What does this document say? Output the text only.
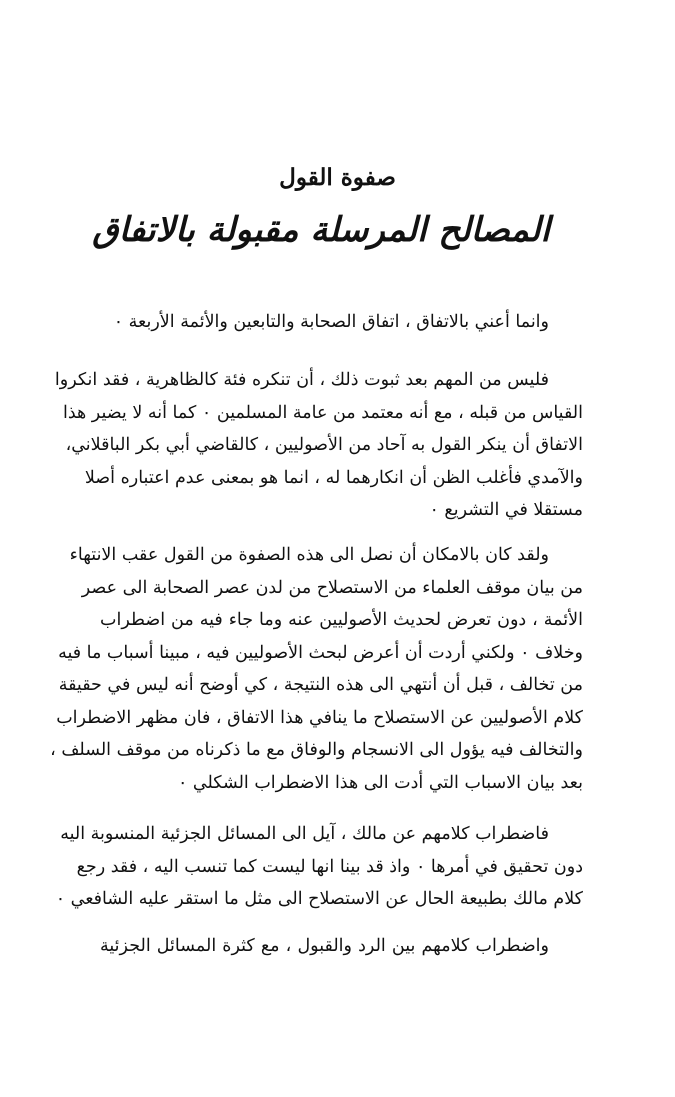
صفوة القول
المصالح المرسلة مقبولة بالاتفاق
وانما أعني بالاتفاق ، اتفاق الصحابة والتابعين والأئمة الأربعة ٠
فليس من المهم بعد ثبوت ذلك ، أن تنكره فئة كالظاهرية ، فقد انكروا
القياس من قبله ، مع أنه معتمد من عامة المسلمين ٠ كما أنه لا يضير هذا
الاتفاق أن ينكر القول به آحاد من الأصوليين ، كالقاضي أبي بكر الباقلاني،
والآمدي فأغلب الظن أن انكارهما له ، انما هو بمعنى عدم اعتباره أصلا
مستقلا في التشريع ٠
ولقد كان بالامكان أن نصل الى هذه الصفوة من القول عقب الانتهاء
من بيان موقف العلماء من الاستصلاح من لدن عصر الصحابة الى عصر
الأئمة ، دون تعرض لحديث الأصوليين عنه وما جاء فيه من اضطراب
وخلاف ٠ ولكني أردت أن أعرض لبحث الأصوليين فيه ، مبينا أسباب ما فيه
من تخالف ، قبل أن أنتهي الى هذه النتيجة ، كي أوضح أنه ليس في حقيقة
كلام الأصوليين عن الاستصلاح ما ينافي هذا الاتفاق ، فان مظهر الاضطراب
والتخالف فيه يؤول الى الانسجام والوفاق مع ما ذكرناه من موقف السلف ،
بعد بيان الاسباب التي أدت الى هذا الاضطراب الشكلي ٠
فاضطراب كلامهم عن مالك ، آيل الى المسائل الجزئية المنسوبة اليه
دون تحقيق في أمرها ٠ واذ قد بينا انها ليست كما تنسب اليه ، فقد رجع
كلام مالك بطبيعة الحال عن الاستصلاح الى مثل ما استقر عليه الشافعي ٠
واضطراب كلامهم بين الرد والقبول ، مع كثرة المسائل الجزئية
